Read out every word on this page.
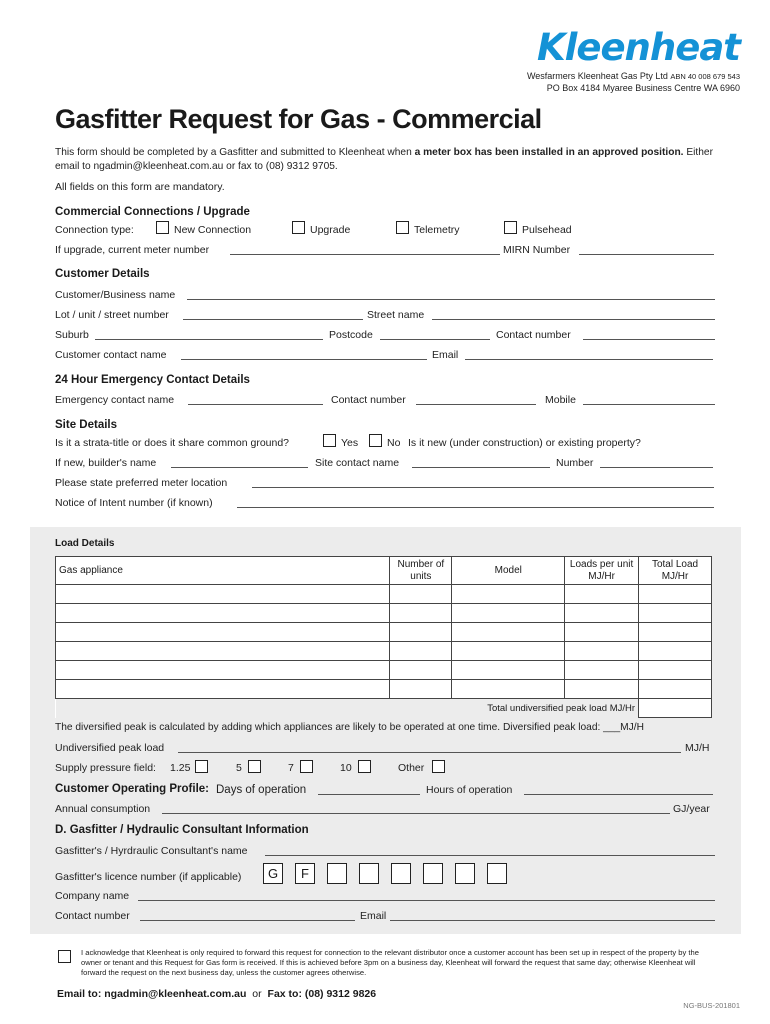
Kleenheat
Wesfarmers Kleenheat Gas Pty Ltd ABN 40 008 679 543
PO Box 4184 Myaree Business Centre WA 6960
Gasfitter Request for Gas - Commercial
This form should be completed by a Gasfitter and submitted to Kleenheat when a meter box has been installed in an approved position. Either email to ngadmin@kleenheat.com.au or fax to (08) 9312 9705.
All fields on this form are mandatory.
Commercial Connections / Upgrade
Connection type:	New Connection	Upgrade	Telemetry	Pulsehead
If upgrade, current meter number	MIRN Number
Customer Details
Customer/Business name
Lot / unit / street number	Street name
Suburb	Postcode	Contact number
Customer contact name	Email
24 Hour Emergency Contact Details
Emergency contact name	Contact number	Mobile
Site Details
Is it a strata-title or does it share common ground?	Yes	No Is it new (under construction) or existing property?
If new, builder's name	Site contact name	Number
Please state preferred meter location
Notice of Intent number (if known)
Load Details
Gas appliance	Number of units	Model	Loads per unit MJ/Hr	Total Load MJ/Hr

Total undiversified peak load MJ/Hr				
The diversified peak is calculated by adding which appliances are likely to be operated at one time. Diversified peak load: ___MJ/H
Undiversified peak load	MJ/H
Supply pressure field: 1.25	5	7	10	Other
Customer Operating Profile: Days of operation	Hours of operation
Annual consumption	GJ/year
D. Gasfitter / Hydraulic Consultant Information
Gasfitter's / Hyrdraulic Consultant's name
Gasfitter's licence number (if applicable)	G	F
Company name
Contact number	Email
I acknowledge that Kleenheat is only required to forward this request for connection to the relevant distributor once a customer account has been set up in respect of the property by the owner or tenant and this Request for Gas form is received. If this is achieved before 3pm on a business day, Kleenheat will forward the request that same day; otherwise Kleenheat will forward the request on the next business day, unless the customer agrees otherwise.
Email to: ngadmin@kleenheat.com.au or Fax to: (08) 9312 9826
NG-BUS-201801
